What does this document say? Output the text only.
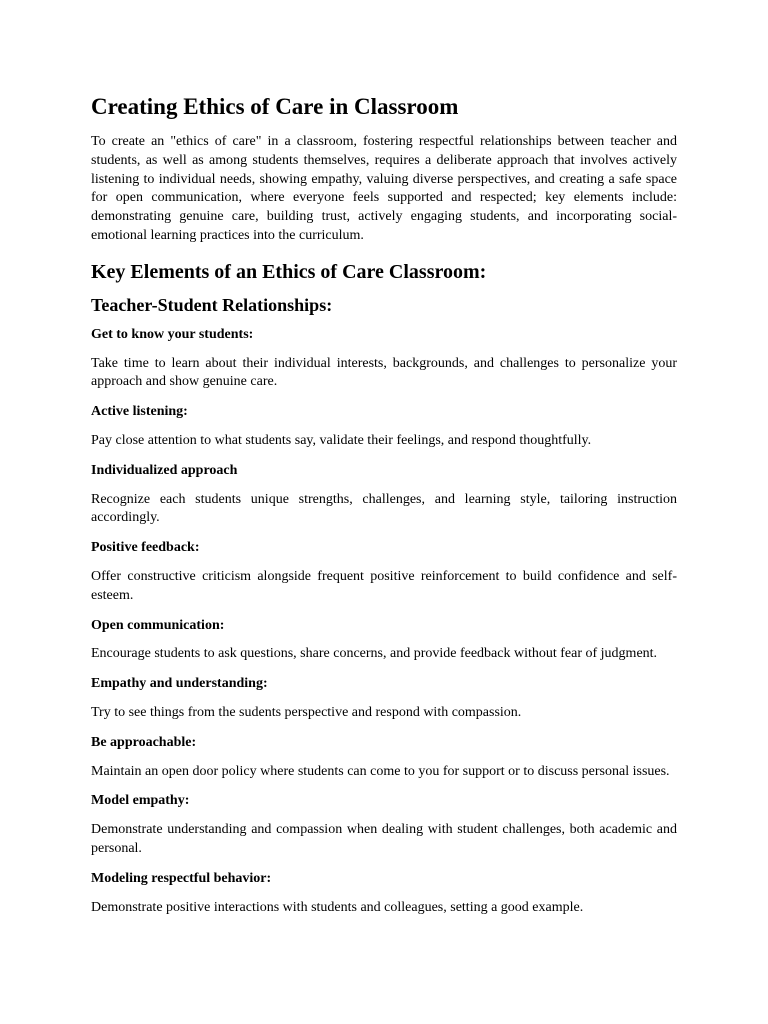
Creating Ethics of Care in Classroom

To create an "ethics of care" in a classroom, fostering respectful relationships between teacher and students, as well as among students themselves, requires a deliberate approach that involves actively listening to individual needs, showing empathy, valuing diverse perspectives, and creating a safe space for open communication, where everyone feels supported and respected; key elements include: demonstrating genuine care, building trust, actively engaging students, and incorporating social-emotional learning practices into the curriculum.

Key Elements of an Ethics of Care Classroom:
Teacher-Student Relationships:

Get to know your students:

Take time to learn about their individual interests, backgrounds, and challenges to personalize your approach and show genuine care.

Active listening:

Pay close attention to what students say, validate their feelings, and respond thoughtfully.

Individualized approach

Recognize each students unique strengths, challenges, and learning style, tailoring instruction accordingly.

Positive feedback:

Offer constructive criticism alongside frequent positive reinforcement to build confidence and self-esteem.

Open communication:

Encourage students to ask questions, share concerns, and provide feedback without fear of judgment.

Empathy and understanding:

Try to see things from the sudents perspective and respond with compassion.

Be approachable:

Maintain an open door policy where students can come to you for support or to discuss personal issues.

Model empathy:

Demonstrate understanding and compassion when dealing with student challenges, both academic and personal.

Modeling respectful behavior:

Demonstrate positive interactions with students and colleagues, setting a good example.
